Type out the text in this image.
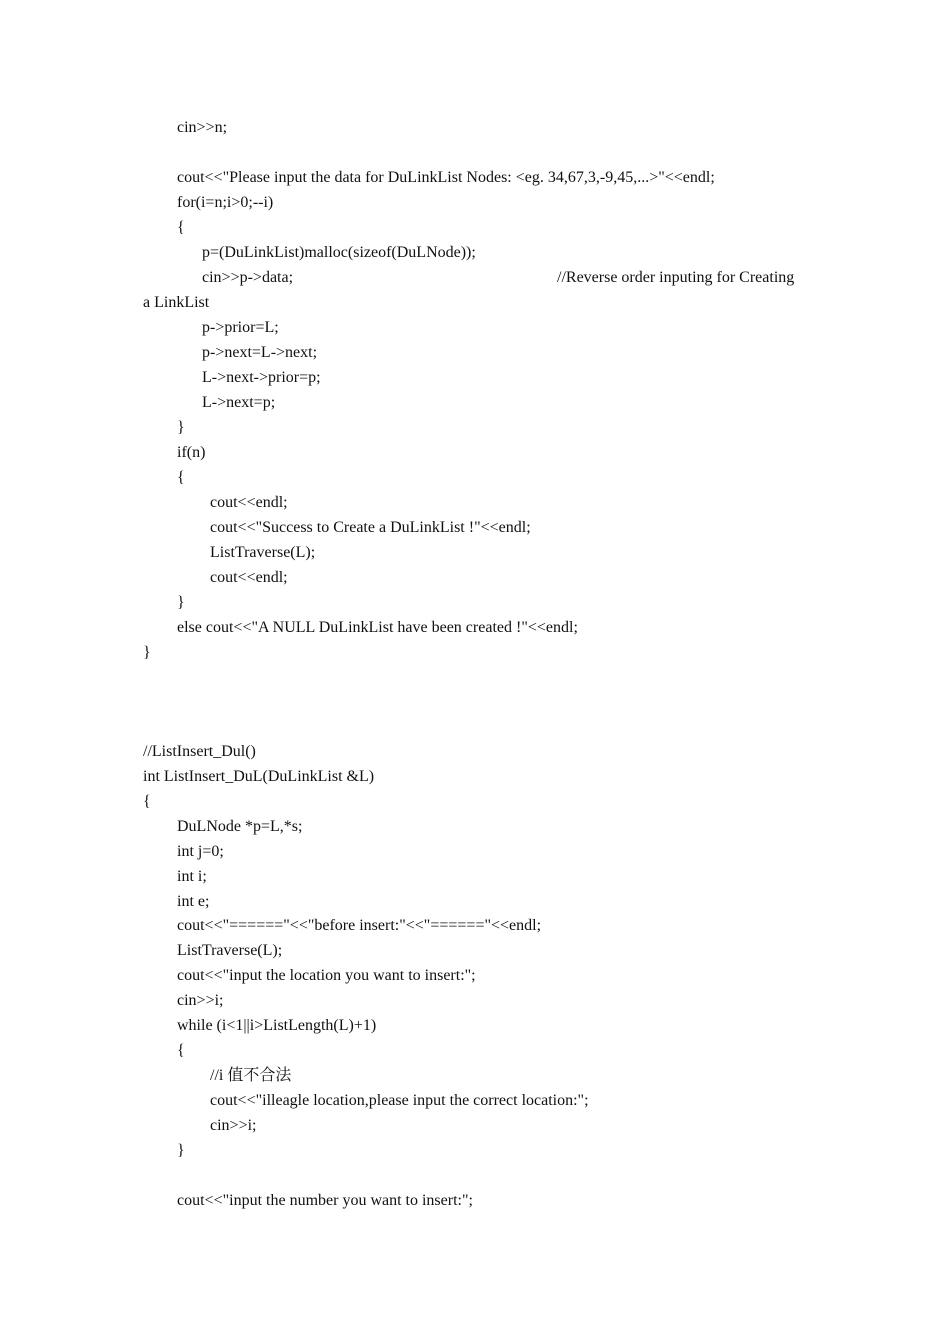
cin>>n;
cout<<"Please input the data for DuLinkList Nodes: <eg. 34,67,3,-9,45,...>"<<endl;
for(i=n;i>0;--i)
{
p=(DuLinkList)malloc(sizeof(DuLNode));
cin>>p->data;	//Reverse order inputing for Creating
a LinkList
p->prior=L;
p->next=L->next;
L->next->prior=p;
L->next=p;
}
if(n)
{
cout<<endl;
cout<<"Success to Create a DuLinkList !"<<endl;
ListTraverse(L);
cout<<endl;
}
else cout<<"A NULL DuLinkList have been created !"<<endl;
}
//ListInsert_Dul()
int ListInsert_DuL(DuLinkList &L)
{
DuLNode *p=L,*s;
int j=0;
int i;
int e;
cout<<"======"<<"before insert:"<<"======"<<endl;
ListTraverse(L);
cout<<"input the location you want to insert:";
cin>>i;
while (i<1||i>ListLength(L)+1)
{
//i 值不合法
cout<<"illeagle location,please input the correct location:";
cin>>i;
}
cout<<"input the number you want to insert:";
